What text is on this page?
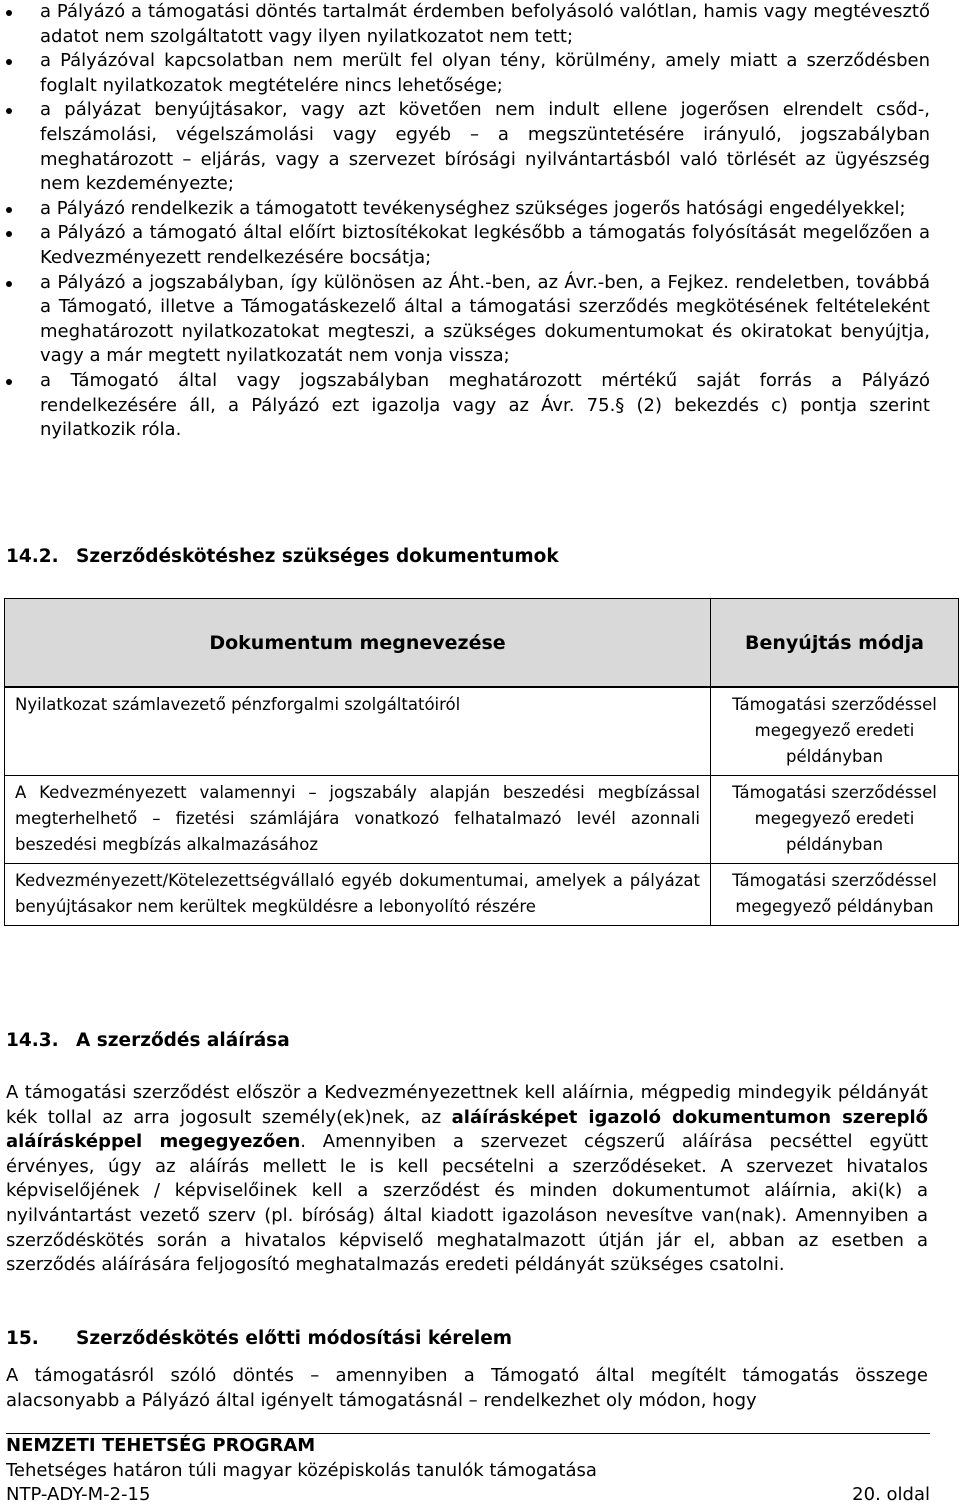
a Pályázó a támogatási döntés tartalmát érdemben befolyásoló valótlan, hamis vagy megtévesztő adatot nem szolgáltatott vagy ilyen nyilatkozatot nem tett;
a Pályázóval kapcsolatban nem merült fel olyan tény, körülmény, amely miatt a szerződésben foglalt nyilatkozatok megtételére nincs lehetősége;
a pályázat benyújtásakor, vagy azt követően nem indult ellene jogerősen elrendelt csőd-, felszámolási, végelszámolási vagy egyéb – a megszüntetésére irányuló, jogszabályban meghatározott – eljárás, vagy a szervezet bírósági nyilvántartásból való törlését az ügyészség nem kezdeményezte;
a Pályázó rendelkezik a támogatott tevékenységhez szükséges jogerős hatósági engedélyekkel;
a Pályázó a támogató által előírt biztosítékokat legkésőbb a támogatás folyósítását megelőzően a Kedvezményezett rendelkezésére bocsátja;
a Pályázó a jogszabályban, így különösen az Áht.-ben, az Ávr.-ben, a Fejkez. rendeletben, továbbá a Támogató, illetve a Támogatáskezelő által a támogatási szerződés megkötésének feltételeként meghatározott nyilatkozatokat megteszi, a szükséges dokumentumokat és okiratokat benyújtja, vagy a már megtett nyilatkozatát nem vonja vissza;
a Támogató által vagy jogszabályban meghatározott mértékű saját forrás a Pályázó rendelkezésére áll, a Pályázó ezt igazolja vagy az Ávr. 75.§ (2) bekezdés c) pontja szerint nyilatkozik róla.
14.2. Szerződéskötéshez szükséges dokumentumok
Dokumentum megnevezése	Benyújtás módja
Nyilatkozat számlavezető pénzforgalmi szolgáltatóiról	Támogatási szerződéssel megegyező eredeti példányban
A Kedvezményezett valamennyi – jogszabály alapján beszedési megbízással megterhelhető – fizetési számlájára vonatkozó felhatalmazó levél azonnali beszedési megbízás alkalmazásához	Támogatási szerződéssel megegyező eredeti példányban
Kedvezményezett/Kötelezettségvállaló egyéb dokumentumai, amelyek a pályázat benyújtásakor nem kerültek megküldésre a lebonyolító részére	Támogatási szerződéssel megegyező példányban
14.3. A szerződés aláírása

A támogatási szerződést először a Kedvezményezettnek kell aláírnia, mégpedig mindegyik példányát kék tollal az arra jogosult személy(ek)nek, az aláírásképet igazoló dokumentumon szereplő aláírásképpel megegyezően. Amennyiben a szervezet cégszerű aláírása pecséttel együtt érvényes, úgy az aláírás mellett le is kell pecsételni a szerződéseket. A szervezet hivatalos képviselőjének / képviselőinek kell a szerződést és minden dokumentumot aláírnia, aki(k) a nyilvántartást vezető szerv (pl. bíróság) által kiadott igazoláson nevesítve van(nak). Amennyiben a szerződéskötés során a hivatalos képviselő meghatalmazott útján jár el, abban az esetben a szerződés aláírására feljogosító meghatalmazás eredeti példányát szükséges csatolni.

15. Szerződéskötés előtti módosítási kérelem

A támogatásról szóló döntés – amennyiben a Támogató által megítélt támogatás összege alacsonyabb a Pályázó által igényelt támogatásnál – rendelkezhet oly módon, hogy

NEMZETI TEHETSÉG PROGRAM
Tehetséges határon túli magyar középiskolás tanulók támogatása
NTP-ADY-M-2-15	20. oldal
